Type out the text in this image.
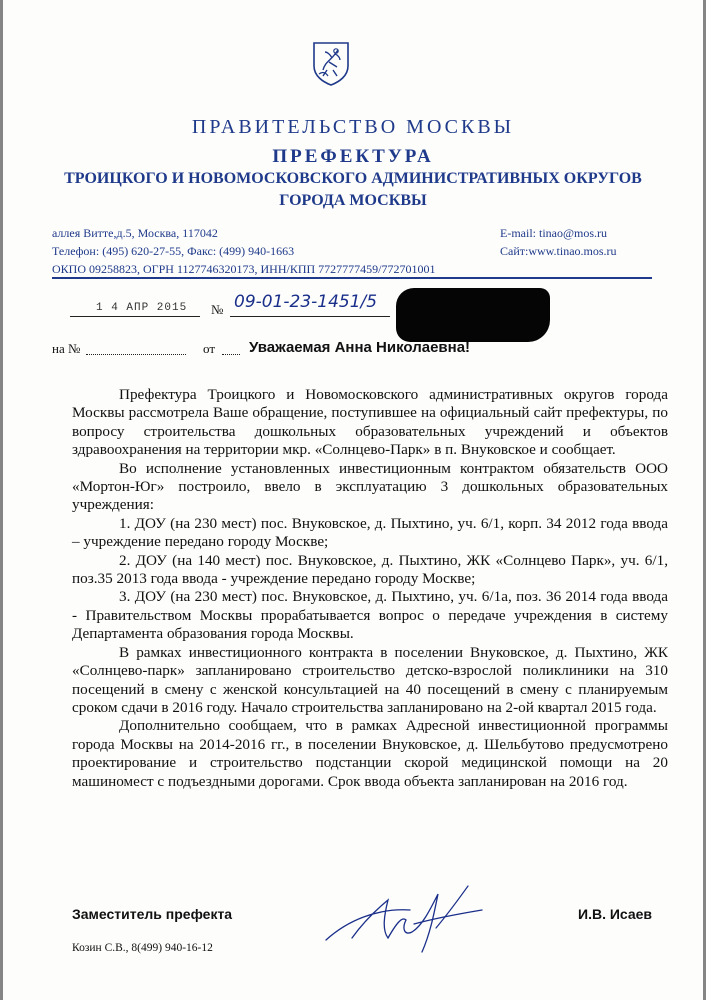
ПРАВИТЕЛЬСТВО МОСКВЫ
ПРЕФЕКТУРА
ТРОИЦКОГО И НОВОМОСКОВСКОГО АДМИНИСТРАТИВНЫХ ОКРУГОВ
ГОРОДА МОСКВЫ
аллея Витте,д.5, Москва, 117042
Телефон: (495) 620-27-55, Факс: (499) 940-1663
ОКПО 09258823, ОГРН 1127746320173, ИНН/КПП 7727777459/772701001
E-mail: tinao@mos.ru
Сайт:www.tinao.mos.ru
1 4 АПР 2015 № 09-01-23-1451/5
на №	от Уважаемая Анна Николаевна!

Префектура Троицкого и Новомосковского административных округов города Москвы рассмотрела Ваше обращение, поступившее на официальный сайт префектуры, по вопросу строительства дошкольных образовательных учреждений и объектов здравоохранения на территории мкр. «Солнцево-Парк» в п. Внуковское и сообщает.

Во исполнение установленных инвестиционным контрактом обязательств ООО «Мортон-Юг» построило, ввело в эксплуатацию 3 дошкольных образовательных учреждения:

1. ДОУ (на 230 мест) пос. Внуковское, д. Пыхтино, уч. 6/1, корп. 34 2012 года ввода – учреждение передано городу Москве;

2. ДОУ (на 140 мест) пос. Внуковское, д. Пыхтино, ЖК «Солнцево Парк», уч. 6/1, поз.35 2013 года ввода - учреждение передано городу Москве;

3. ДОУ (на 230 мест) пос. Внуковское, д. Пыхтино, уч. 6/1а, поз. 36 2014 года ввода - Правительством Москвы прорабатывается вопрос о передаче учреждения в систему Департамента образования города Москвы.

В рамках инвестиционного контракта в поселении Внуковское, д. Пыхтино, ЖК «Солнцево-парк» запланировано строительство детско-взрослой поликлиники на 310 посещений в смену с женской консультацией на 40 посещений в смену с планируемым сроком сдачи в 2016 году. Начало строительства запланировано на 2-ой квартал 2015 года.

Дополнительно сообщаем, что в рамках Адресной инвестиционной программы города Москвы на 2014-2016 гг., в поселении Внуковское, д. Шельбутово предусмотрено проектирование и строительство подстанции скорой медицинской помощи на 20 машиномест с подъездными дорогами. Срок ввода объекта запланирован на 2016 год.

Заместитель префекта	И.В. Исаев
Козин С.В., 8(499) 940-16-12
